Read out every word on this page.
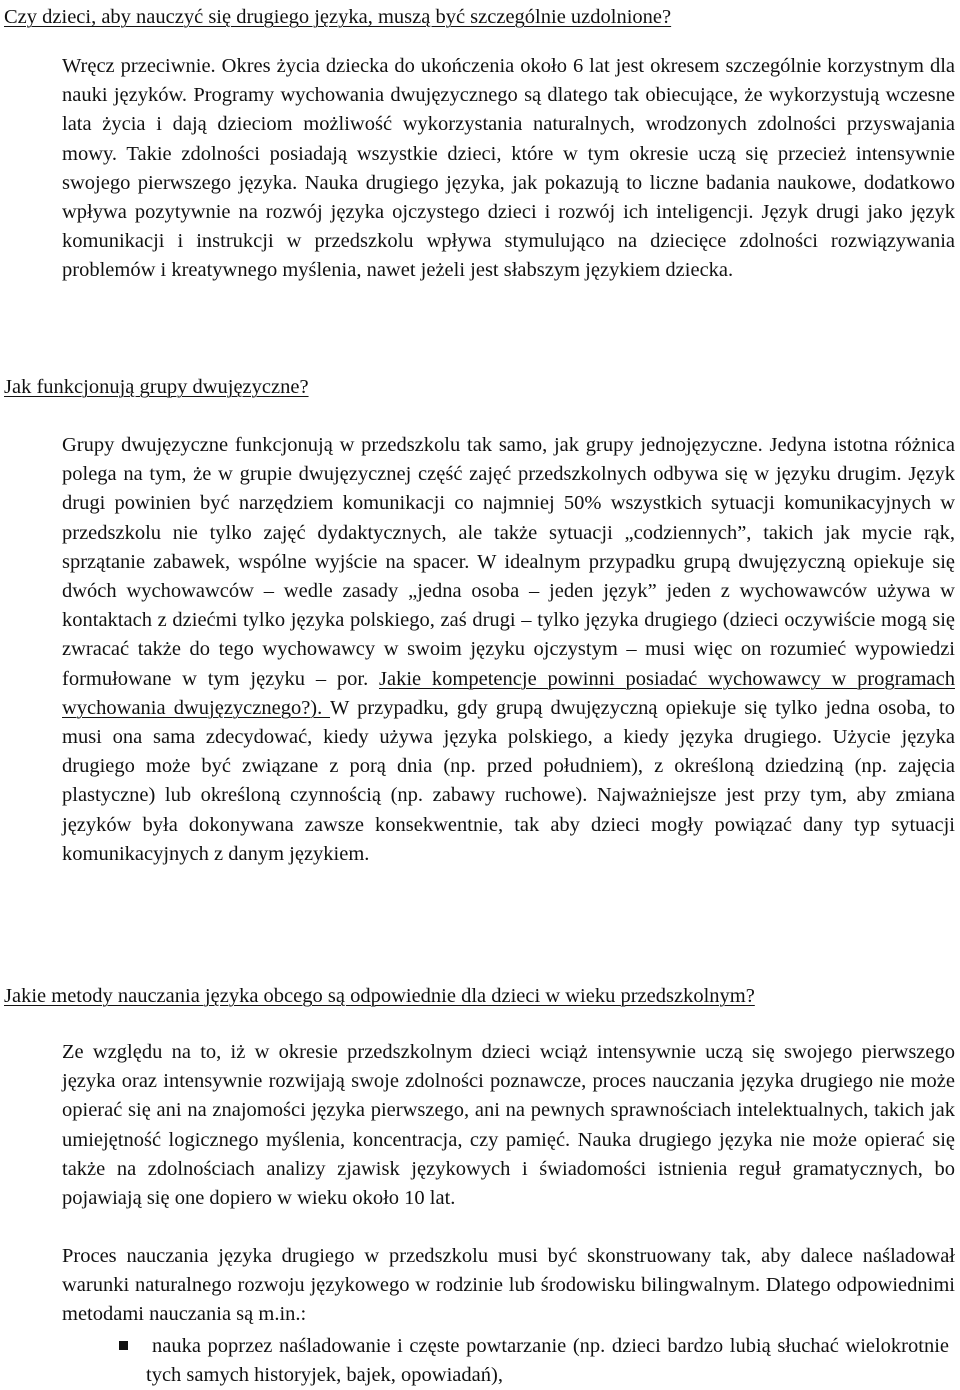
Czy dzieci, aby nauczyć się drugiego języka, muszą być szczególnie uzdolnione?

Wręcz przeciwnie. Okres życia dziecka do ukończenia około 6 lat jest okresem szczególnie korzystnym dla nauki języków. Programy wychowania dwujęzycznego są dlatego tak obiecujące, że wykorzystują wczesne lata życia i dają dzieciom możliwość wykorzystania naturalnych, wrodzonych zdolności przyswajania mowy. Takie zdolności posiadają wszystkie dzieci, które w tym okresie uczą się przecież intensywnie swojego pierwszego języka. Nauka drugiego języka, jak pokazują to liczne badania naukowe, dodatkowo wpływa pozytywnie na rozwój języka ojczystego dzieci i rozwój ich inteligencji. Język drugi jako język komunikacji i instrukcji w przedszkolu wpływa stymulująco na dziecięce zdolności rozwiązywania problemów i kreatywnego myślenia, nawet jeżeli jest słabszym językiem dziecka.

Jak funkcjonują grupy dwujęzyczne?

Grupy dwujęzyczne funkcjonują w przedszkolu tak samo, jak grupy jednojęzyczne. Jedyna istotna różnica polega na tym, że w grupie dwujęzycznej część zajęć przedszkolnych odbywa się w języku drugim. Język drugi powinien być narzędziem komunikacji co najmniej 50% wszystkich sytuacji komunikacyjnych w przedszkolu nie tylko zajęć dydaktycznych, ale także sytuacji „codziennych”, takich jak mycie rąk, sprzątanie zabawek, wspólne wyjście na spacer. W idealnym przypadku grupą dwujęzyczną opiekuje się dwóch wychowawców – wedle zasady „jedna osoba – jeden język” jeden z wychowawców używa w kontaktach z dziećmi tylko języka polskiego, zaś drugi – tylko języka drugiego (dzieci oczywiście mogą się zwracać także do tego wychowawcy w swoim języku ojczystym – musi więc on rozumieć wypowiedzi formułowane w tym języku – por. Jakie kompetencje powinni posiadać wychowawcy w programach wychowania dwujęzycznego?). W przypadku, gdy grupą dwujęzyczną opiekuje się tylko jedna osoba, to musi ona sama zdecydować, kiedy używa języka polskiego, a kiedy języka drugiego. Użycie języka drugiego może być związane z porą dnia (np. przed południem), z określoną dziedziną (np. zajęcia plastyczne) lub określoną czynnością (np. zabawy ruchowe). Najważniejsze jest przy tym, aby zmiana języków była dokonywana zawsze konsekwentnie, tak aby dzieci mogły powiązać dany typ sytuacji komunikacyjnych z danym językiem.

Jakie metody nauczania języka obcego są odpowiednie dla dzieci w wieku przedszkolnym?

Ze względu na to, iż w okresie przedszkolnym dzieci wciąż intensywnie uczą się swojego pierwszego języka oraz intensywnie rozwijają swoje zdolności poznawcze, proces nauczania języka drugiego nie może opierać się ani na znajomości języka pierwszego, ani na pewnych sprawnościach intelektualnych, takich jak umiejętność logicznego myślenia, koncentracja, czy pamięć. Nauka drugiego języka nie może opierać się także na zdolnościach analizy zjawisk językowych i świadomości istnienia reguł gramatycznych, bo pojawiają się one dopiero w wieku około 10 lat.

Proces nauczania języka drugiego w przedszkolu musi być skonstruowany tak, aby dalece naśladował warunki naturalnego rozwoju językowego w rodzinie lub środowisku bilingwalnym. Dlatego odpowiednimi metodami nauczania są m.in.:

nauka poprzez naśladowanie i częste powtarzanie (np. dzieci bardzo lubią słuchać wielokrotnie tych samych historyjek, bajek, opowiadań),
